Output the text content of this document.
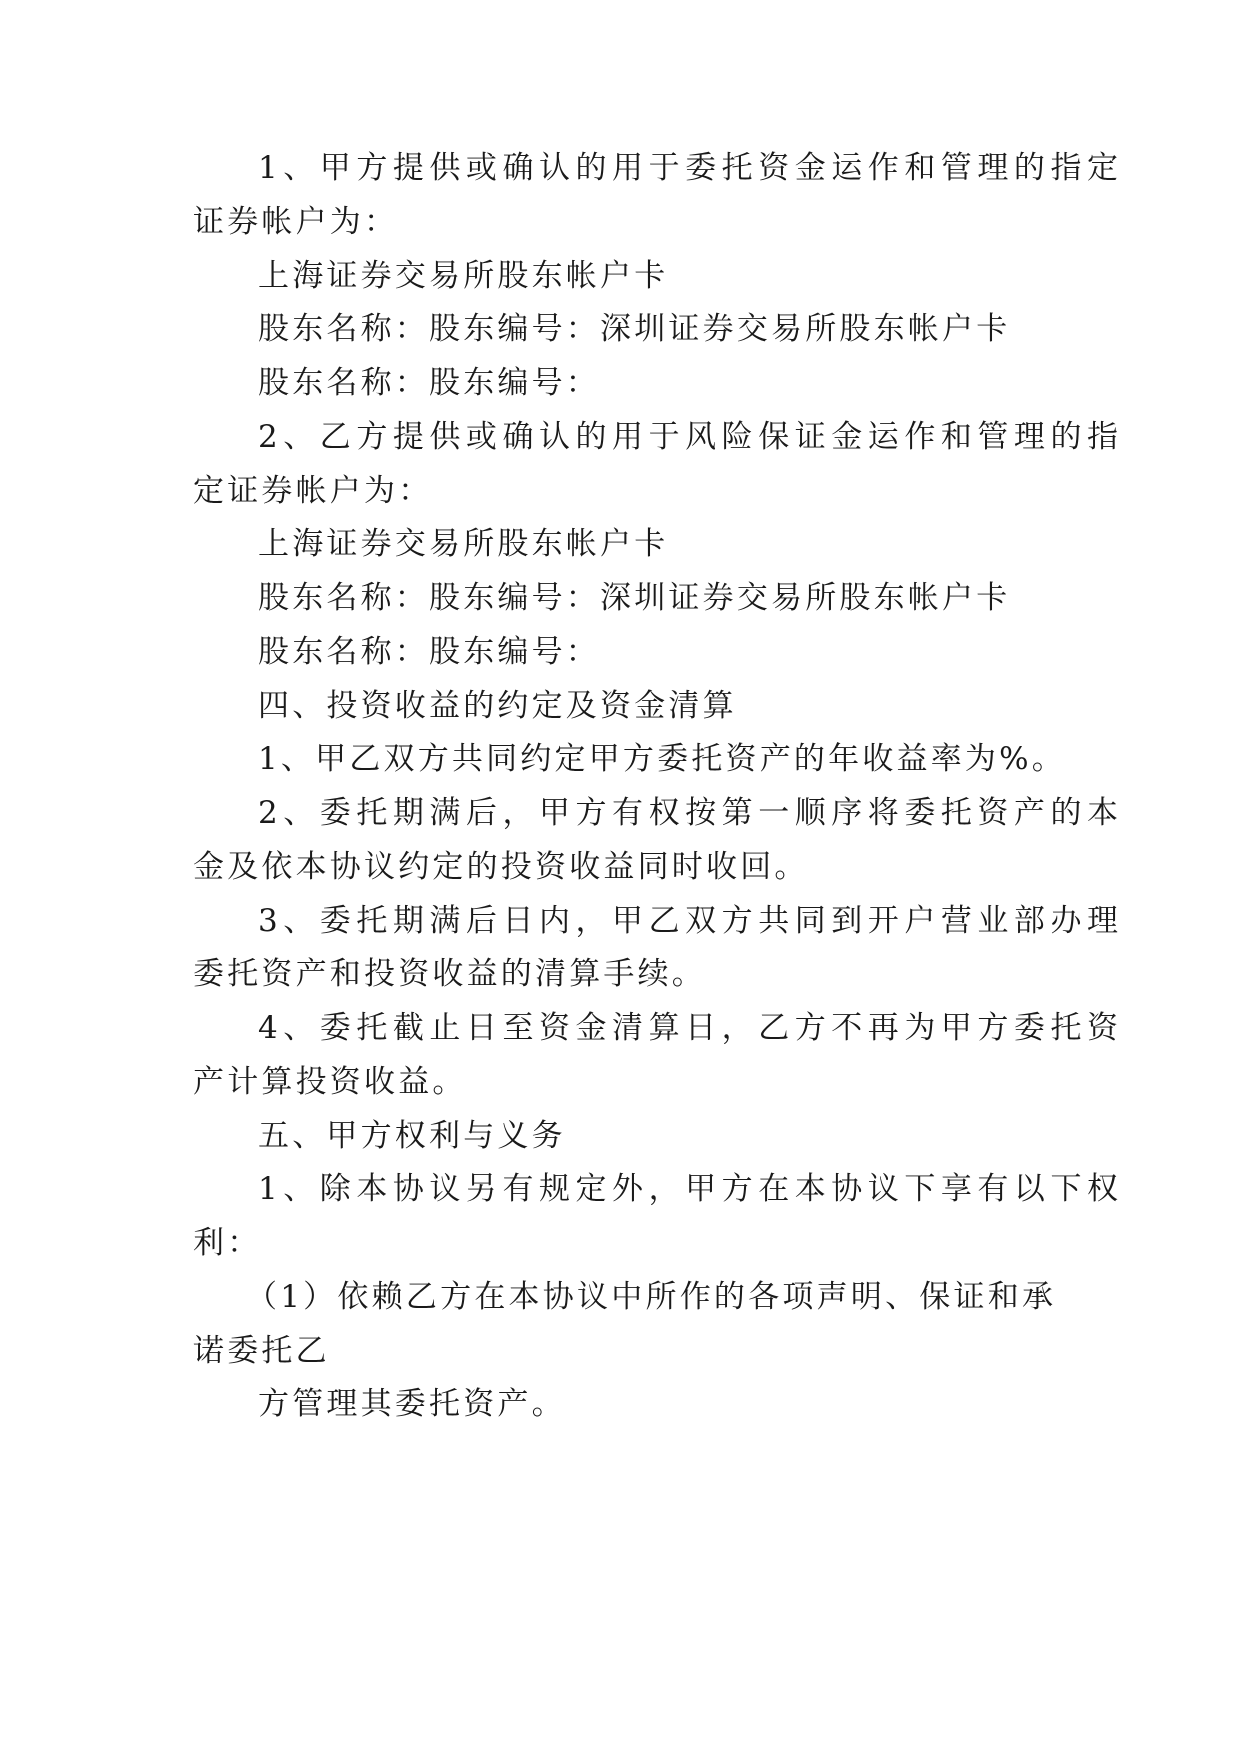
1、甲方提供或确认的用于委托资金运作和管理的指定
证券帐户为：
上海证券交易所股东帐户卡
股东名称：股东编号：深圳证券交易所股东帐户卡
股东名称：股东编号：
2、乙方提供或确认的用于风险保证金运作和管理的指
定证券帐户为：
上海证券交易所股东帐户卡
股东名称：股东编号：深圳证券交易所股东帐户卡
股东名称：股东编号：
四、投资收益的约定及资金清算
1、甲乙双方共同约定甲方委托资产的年收益率为%。
2、委托期满后，甲方有权按第一顺序将委托资产的本
金及依本协议约定的投资收益同时收回。
3、委托期满后日内，甲乙双方共同到开户营业部办理
委托资产和投资收益的清算手续。
4、委托截止日至资金清算日，乙方不再为甲方委托资
产计算投资收益。
五、甲方权利与义务
1、除本协议另有规定外，甲方在本协议下享有以下权
利：
（1）依赖乙方在本协议中所作的各项声明、保证和承
诺委托乙
方管理其委托资产。
